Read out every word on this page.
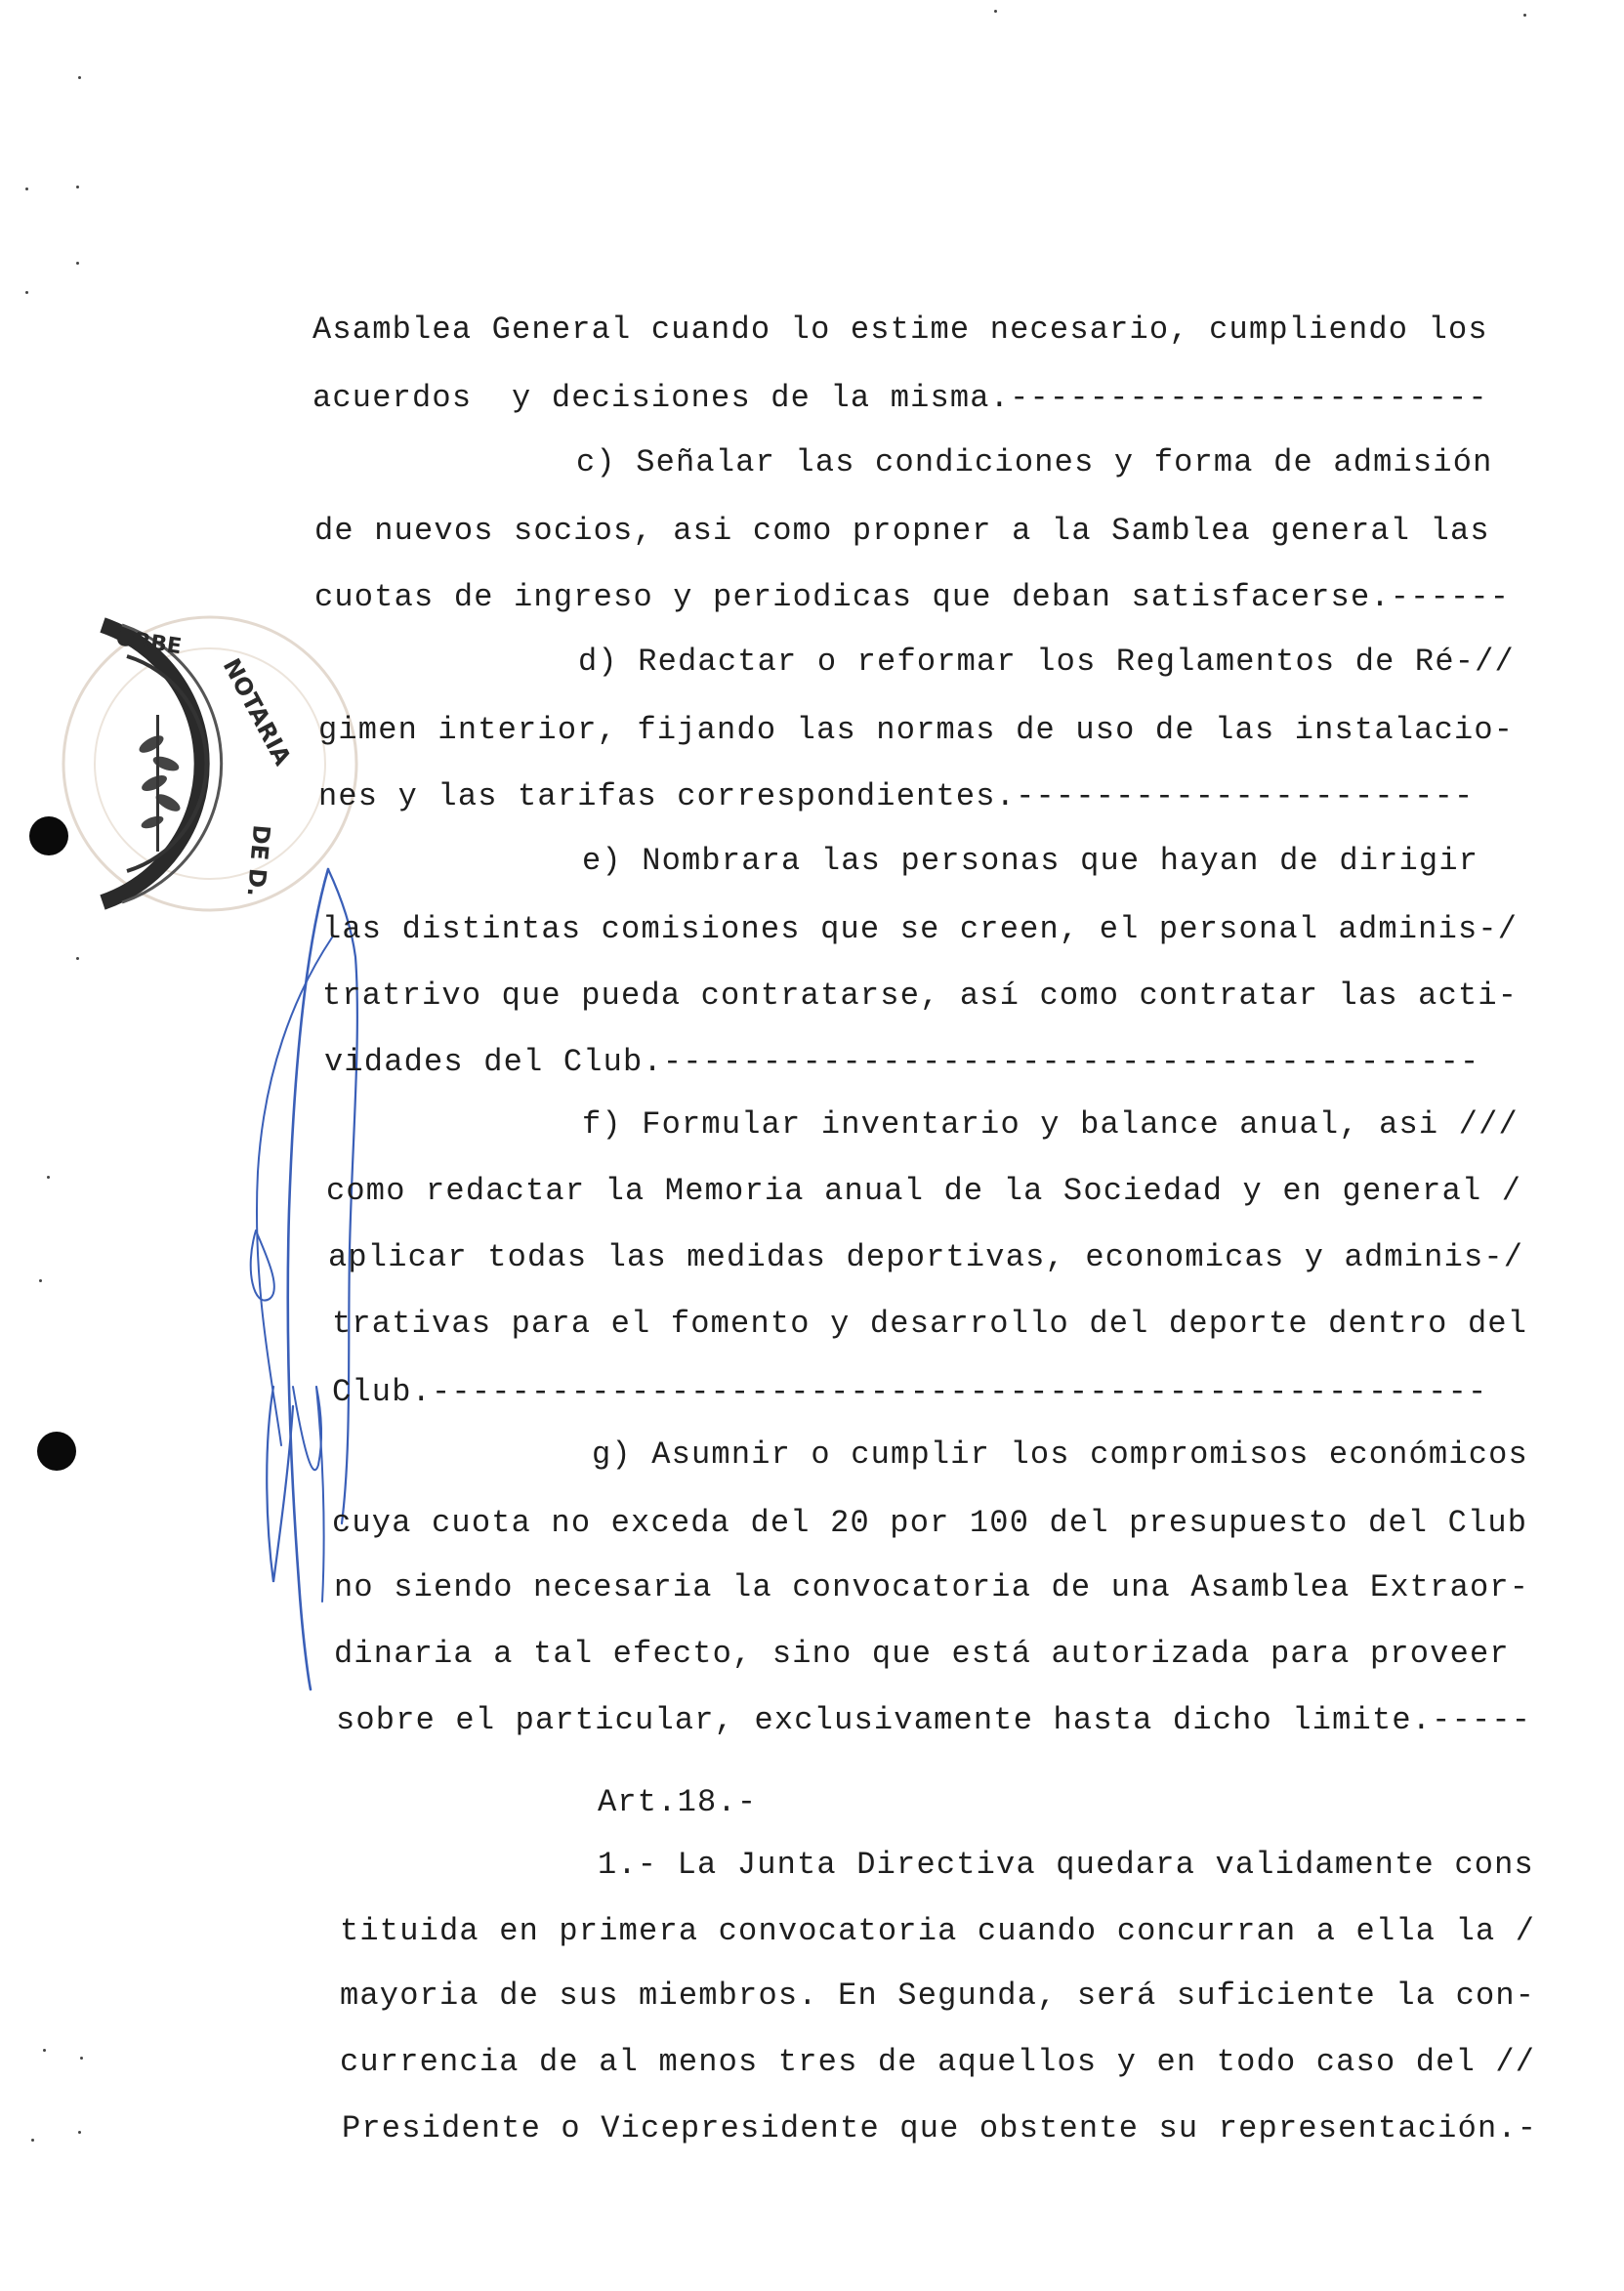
NOTARIA
DE D.
ORBE
Asamblea General cuando lo estime necesario, cumpliendo los
acuerdos  y decisiones de la misma.------------------------
c) Señalar las condiciones y forma de admisión
de nuevos socios, asi como propner a la Samblea general las
cuotas de ingreso y periodicas que deban satisfacerse.------
d) Redactar o reformar los Reglamentos de Ré-//
gimen interior, fijando las normas de uso de las instalacio-
nes y las tarifas correspondientes.-----------------------
e) Nombrara las personas que hayan de dirigir
las distintas comisiones que se creen, el personal adminis-/
tratrivo que pueda contratarse, así como contratar las acti-
vidades del Club.-----------------------------------------
f) Formular inventario y balance anual, asi ///
como redactar la Memoria anual de la Sociedad y en general /
aplicar todas las medidas deportivas, economicas y adminis-/
trativas para el fomento y desarrollo del deporte dentro del
Club.-----------------------------------------------------
g) Asumnir o cumplir los compromisos económicos
cuya cuota no exceda del 20 por 100 del presupuesto del Club
no siendo necesaria la convocatoria de una Asamblea Extraor-
dinaria a tal efecto, sino que está autorizada para proveer
sobre el particular, exclusivamente hasta dicho limite.-----
Art.18.-
1.- La Junta Directiva quedara validamente cons
tituida en primera convocatoria cuando concurran a ella la /
mayoria de sus miembros. En Segunda, será suficiente la con-
currencia de al menos tres de aquellos y en todo caso del //
Presidente o Vicepresidente que obstente su representación.-
